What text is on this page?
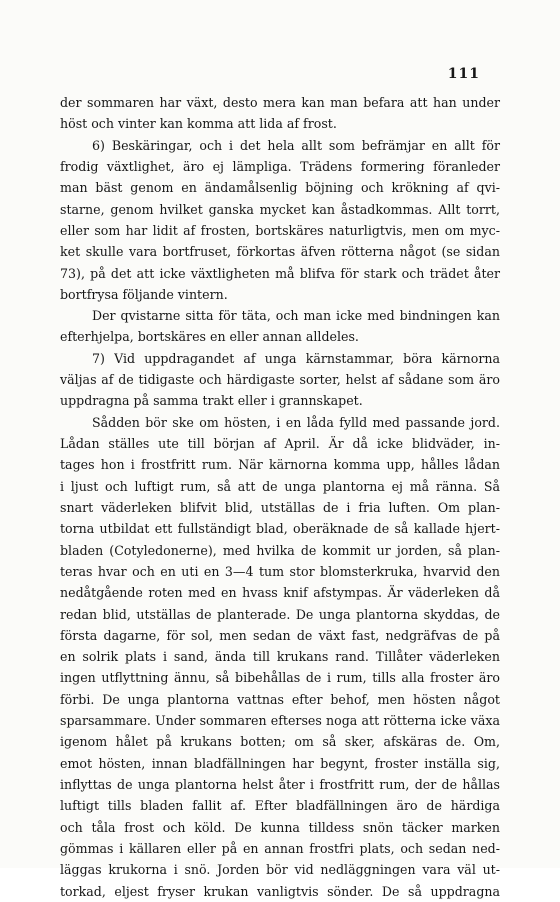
111
der sommaren har växt, desto mera kan man befara att han under
höst och vinter kan komma att lida af frost.
6) Beskäringar, och i det hela allt som befrämjar en allt för
frodig växtlighet, äro ej lämpliga. Trädens formering föranleder
man bäst genom en ändamålsenlig böjning och krökning af qvi-
starne, genom hvilket ganska mycket kan åstadkommas. Allt torrt,
eller som har lidit af frosten, bortskäres naturligtvis, men om myc-
ket skulle vara bortfruset, förkortas äfven rötterna något (se sidan
73), på det att icke växtligheten må blifva för stark och trädet åter
bortfrysa följande vintern.
Der qvistarne sitta för täta, och man icke med bindningen kan
efterhjelpa, bortskäres en eller annan alldeles.
7) Vid uppdragandet af unga kärnstammar, böra kärnorna
väljas af de tidigaste och härdigaste sorter, helst af sådane som äro
uppdragna på samma trakt eller i grannskapet.
Sådden bör ske om hösten, i en låda fylld med passande jord.
Lådan ställes ute till början af April. Är då icke blidväder, in-
tages hon i frostfritt rum. När kärnorna komma upp, hålles lådan
i ljust och luftigt rum, så att de unga plantorna ej må ränna. Så
snart väderleken blifvit blid, utställas de i fria luften. Om plan-
torna utbildat ett fullständigt blad, oberäknade de så kallade hjert-
bladen (Cotyledonerne), med hvilka de kommit ur jorden, så plan-
teras hvar och en uti en 3—4 tum stor blomsterkruka, hvarvid den
nedåtgående roten med en hvass knif afstympas. Är väderleken då
redan blid, utställas de planterade. De unga plantorna skyddas, de
första dagarne, för sol, men sedan de växt fast, nedgräfvas de på
en solrik plats i sand, ända till krukans rand. Tillåter väderleken
ingen utflyttning ännu, så bibehållas de i rum, tills alla froster äro
förbi. De unga plantorna vattnas efter behof, men hösten något
sparsammare. Under sommaren efterses noga att rötterna icke växa
igenom hålet på krukans botten; om så sker, afskäras de. Om,
emot hösten, innan bladfällningen har begynt, froster inställa sig,
inflyttas de unga plantorna helst åter i frostfritt rum, der de hållas
luftigt tills bladen fallit af. Efter bladfällningen äro de härdiga
och tåla frost och köld. De kunna tilldess snön täcker marken
gömmas i källaren eller på en annan frostfri plats, och sedan ned-
läggas krukorna i snö. Jorden bör vid nedläggningen vara väl ut-
torkad, eljest fryser krukan vanligtvis sönder. De så uppdragna
